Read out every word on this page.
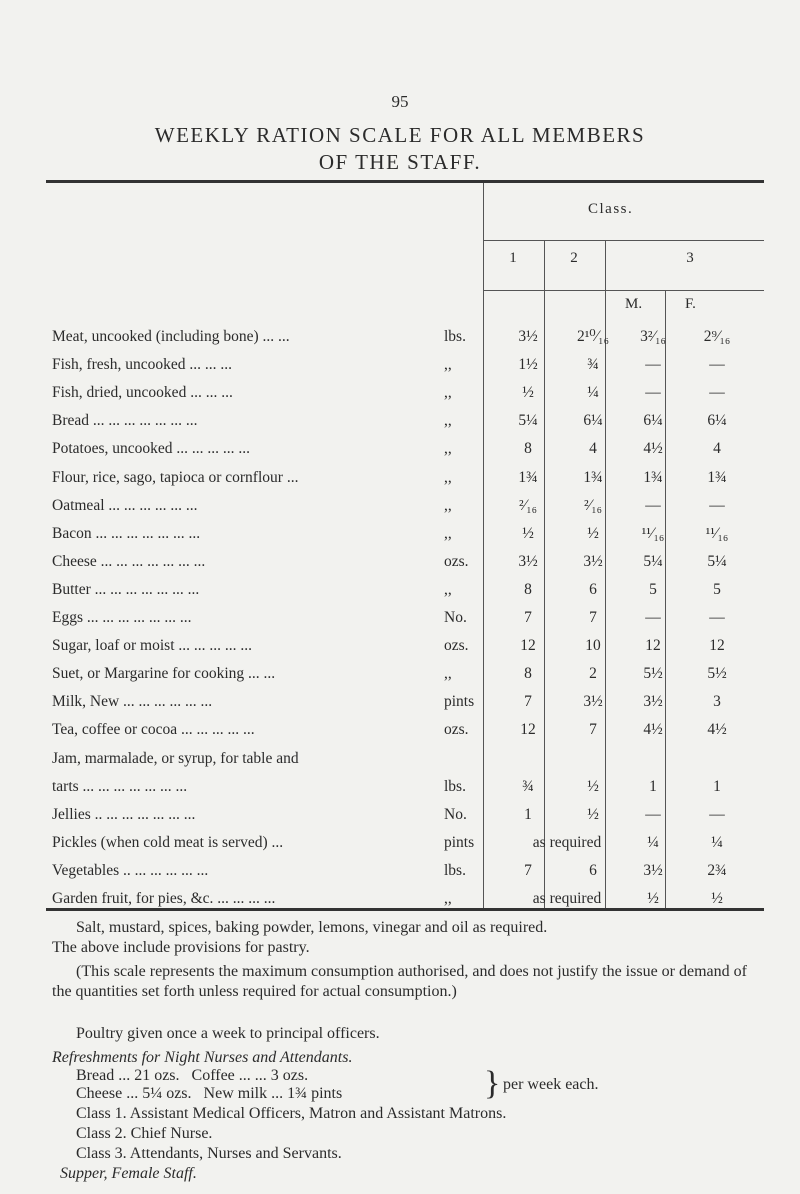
95
WEEKLY RATION SCALE FOR ALL MEMBERS
OF THE STAFF.
Class.
1	2	3
M.	F.
Meat, uncooked (including bone) ... ...	lbs.	3½	2¹⁰⁄₁₆	3²⁄₁₆	2⁹⁄₁₆
Fish, fresh, uncooked ... ... ...	,,	1½	¾	—	—
Fish, dried, uncooked ... ... ...	,,	½	¼	—	—
Bread ... ... ... ... ... ... ...	,,	5¼	6¼	6¼	6¼
Potatoes, uncooked ... ... ... ... ...	,,	8	4	4½	4
Flour, rice, sago, tapioca or cornflour ...	,,	1¾	1¾	1¾	1¾
Oatmeal ... ... ... ... ... ...	,,	²⁄₁₆	²⁄₁₆	—	—
Bacon ... ... ... ... ... ... ...	,,	½	½	¹¹⁄₁₆	¹¹⁄₁₆
Cheese ... ... ... ... ... ... ...	ozs.	3½	3½	5¼	5¼
Butter ... ... ... ... ... ... ...	,,	8	6	5	5
Eggs ... ... ... ... ... ... ...	No.	7	7	—	—
Sugar, loaf or moist ... ... ... ... ...	ozs.	12	10	12	12
Suet, or Margarine for cooking ... ...	,,	8	2	5½	5½
Milk, New ... ... ... ... ... ...	pints	7	3½	3½	3
Tea, coffee or cocoa ... ... ... ... ...	ozs.	12	7	4½	4½
Jam, marmalade, or syrup, for table and
tarts ... ... ... ... ... ... ...	lbs.	¾	½	1	1
Jellies .. ... ... ... ... ... ...	No.	1	½	—	—
Pickles (when cold meat is served) ...	pints	as required	¼	¼
Vegetables .. ... ... ... ... ...	lbs.	7	6	3½	2¾
Garden fruit, for pies, &c. ... ... ... ...	,,	as required	½	½
Salt, mustard, spices, baking powder, lemons, vinegar and oil as required.
The above include provisions for pastry.
(This scale represents the maximum consumption authorised, and does not justify the issue or demand of the quantities set forth unless required for actual consumption.)
Poultry given once a week to principal officers.
Refreshments for Night Nurses and Attendants.
Bread ... 21 ozs.   Coffee ... ... 3 ozs.
Cheese ... 5¼ ozs.   New milk ... 1¾ pints	} per week each.
Class 1. Assistant Medical Officers, Matron and Assistant Matrons.
Class 2. Chief Nurse.
Class 3. Attendants, Nurses and Servants.
Supper, Female Staff.
